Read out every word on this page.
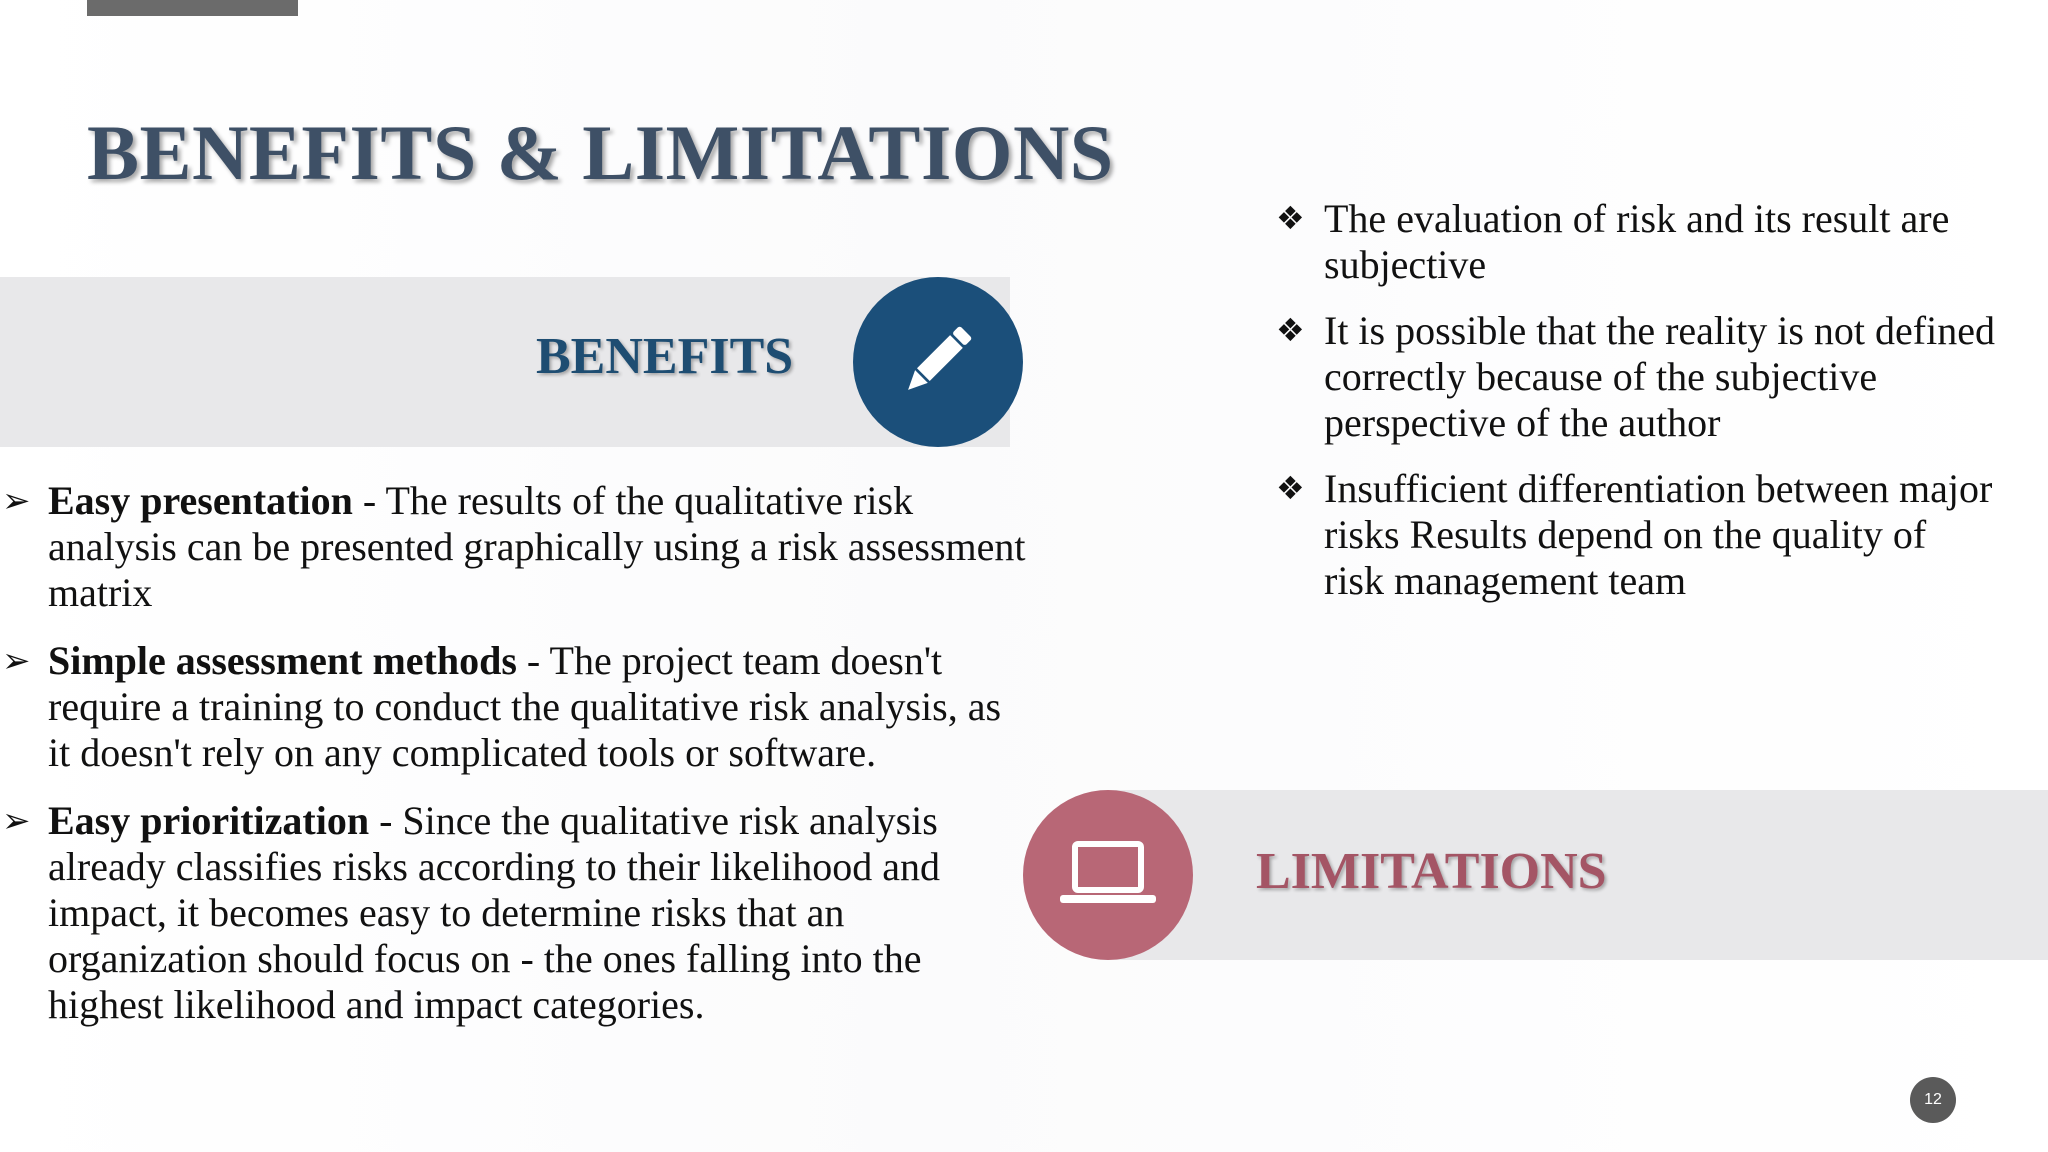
BENEFITS & LIMITATIONS
BENEFITS
➢ Easy presentation - The results of the qualitative risk analysis can be presented graphically using a risk assessment matrix
➢ Simple assessment methods - The project team doesn't require a training to conduct the qualitative risk analysis, as it doesn't rely on any complicated tools or software.
➢ Easy prioritization - Since the qualitative risk analysis already classifies risks according to their likelihood and impact, it becomes easy to determine risks that an organization should focus on - the ones falling into the highest likelihood and impact categories.
❖ The evaluation of risk and its result are subjective
❖ It is possible that the reality is not defined correctly because of the subjective perspective of the author
❖ Insufficient differentiation between major risks Results depend on the quality of risk management team
LIMITATIONS
12
